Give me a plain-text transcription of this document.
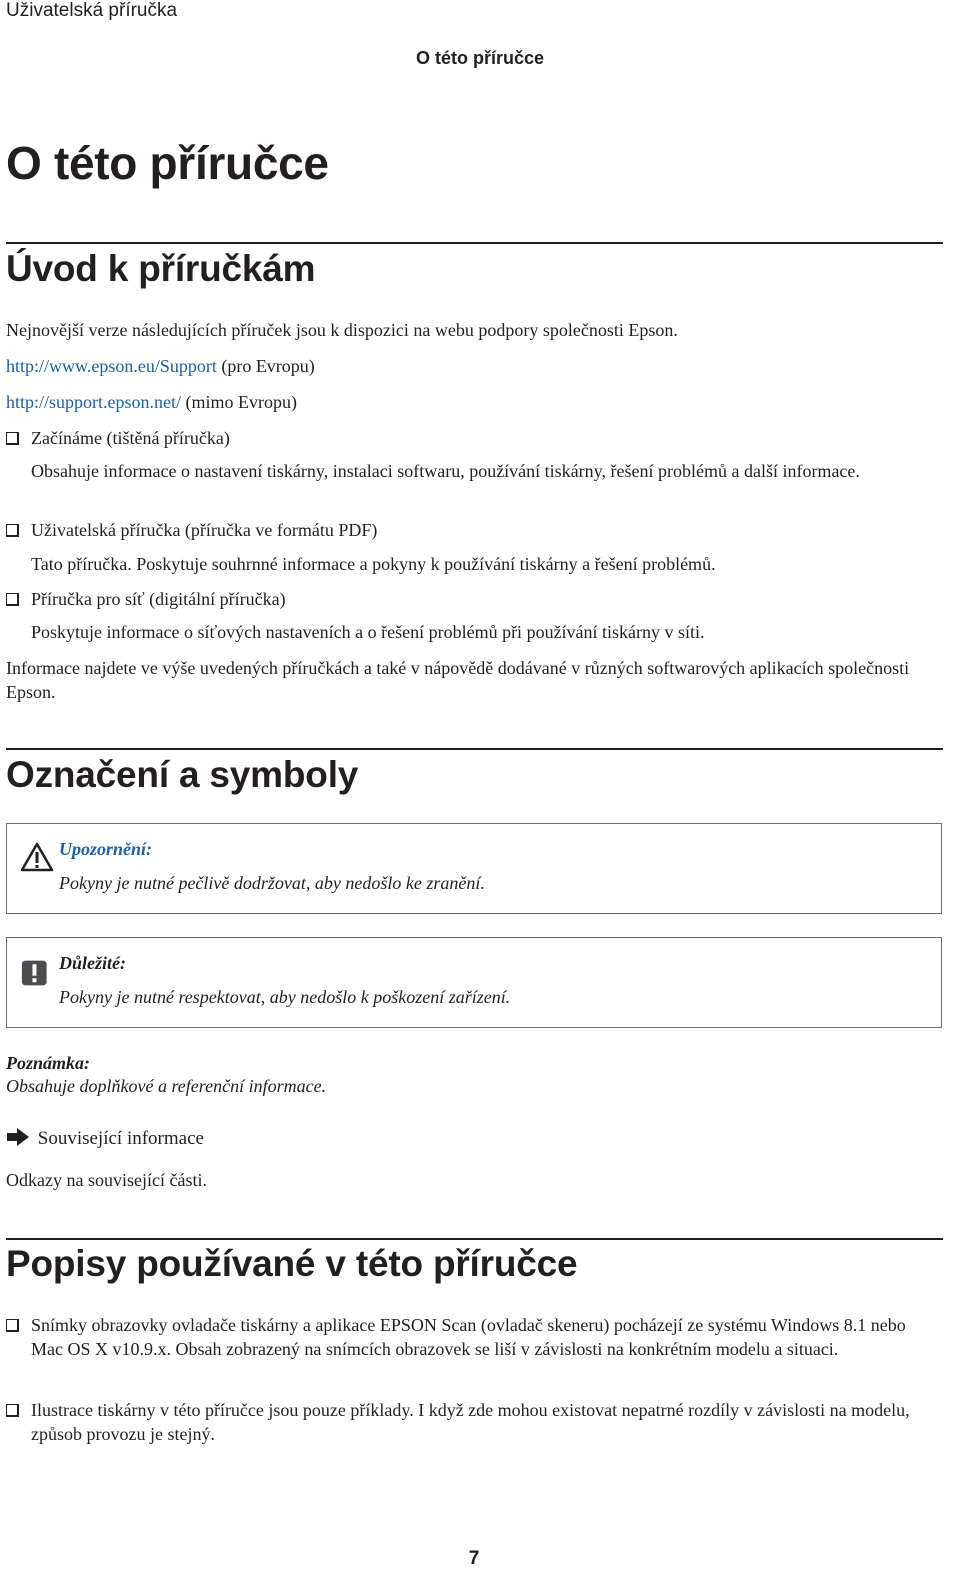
Uživatelská příručka
O této příručce
O této příručce
Úvod k příručkám
Nejnovější verze následujících příruček jsou k dispozici na webu podpory společnosti Epson.
http://www.epson.eu/Support (pro Evropu)
http://support.epson.net/ (mimo Evropu)
Začínáme (tištěná příručka)
Obsahuje informace o nastavení tiskárny, instalaci softwaru, používání tiskárny, řešení problémů a další informace.
Uživatelská příručka (příručka ve formátu PDF)
Tato příručka. Poskytuje souhrnné informace a pokyny k používání tiskárny a řešení problémů.
Příručka pro síť (digitální příručka)
Poskytuje informace o síťových nastaveních a o řešení problémů při používání tiskárny v síti.
Informace najdete ve výše uvedených příručkách a také v nápovědě dodávané v různých softwarových aplikacích společnosti Epson.
Označení a symboly
Upozornění:
Pokyny je nutné pečlivě dodržovat, aby nedošlo ke zranění.
Důležité:
Pokyny je nutné respektovat, aby nedošlo k poškození zařízení.
Poznámka:
Obsahuje doplňkové a referenční informace.
Související informace
Odkazy na související části.
Popisy používané v této příručce
Snímky obrazovky ovladače tiskárny a aplikace EPSON Scan (ovladač skeneru) pocházejí ze systému Windows 8.1 nebo Mac OS X v10.9.x. Obsah zobrazený na snímcích obrazovek se liší v závislosti na konkrétním modelu a situaci.
Ilustrace tiskárny v této příručce jsou pouze příklady. I když zde mohou existovat nepatrné rozdíly v závislosti na modelu, způsob provozu je stejný.
7
